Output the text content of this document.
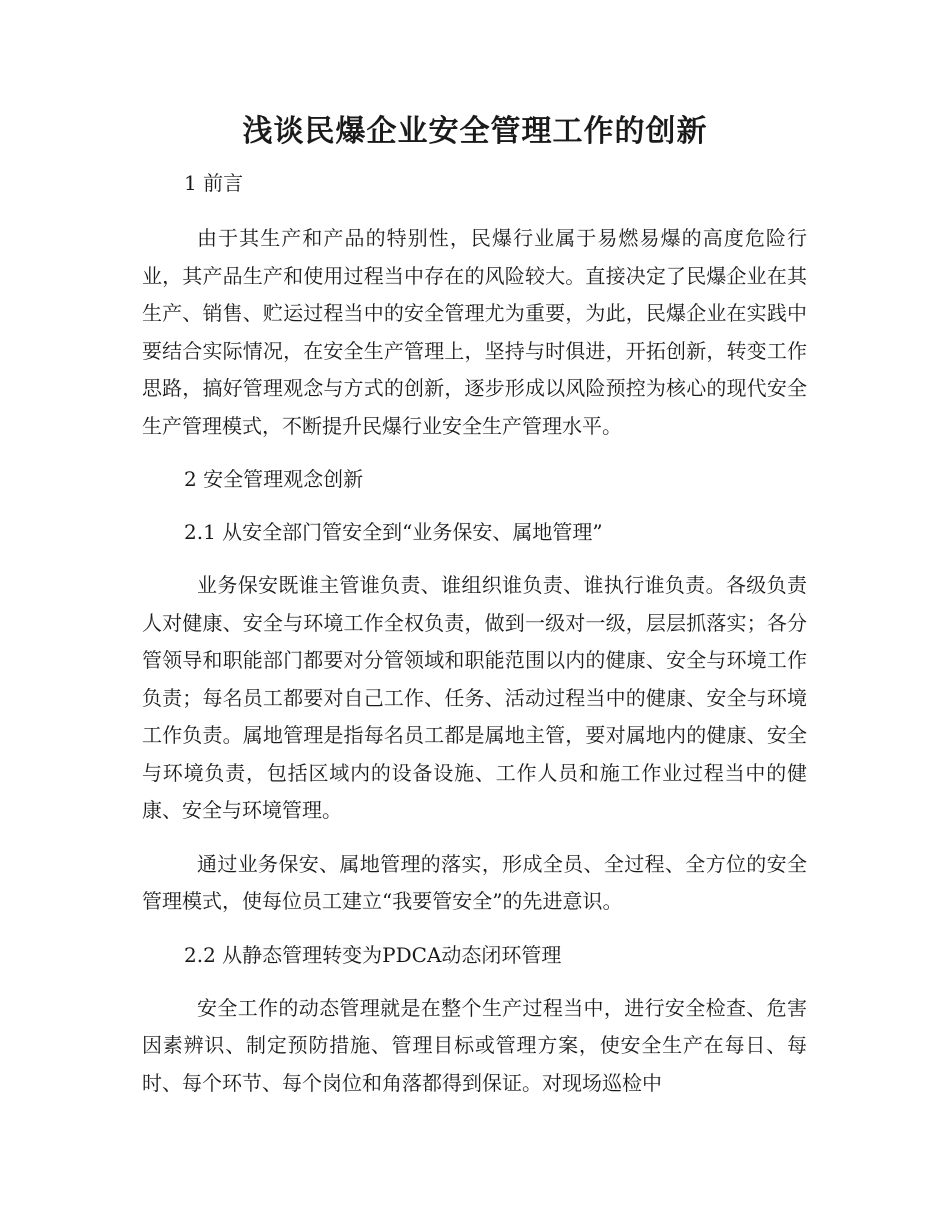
浅谈民爆企业安全管理工作的创新

1 前言

由于其生产和产品的特别性，民爆行业属于易燃易爆的高度危险行业，其产品生产和使用过程当中存在的风险较大。直接决定了民爆企业在其生产、销售、贮运过程当中的安全管理尤为重要，为此，民爆企业在实践中要结合实际情况，在安全生产管理上，坚持与时俱进，开拓创新，转变工作思路，搞好管理观念与方式的创新，逐步形成以风险预控为核心的现代安全生产管理模式，不断提升民爆行业安全生产管理水平。

2 安全管理观念创新

2.1 从安全部门管安全到“业务保安、属地管理”

业务保安既谁主管谁负责、谁组织谁负责、谁执行谁负责。各级负责人对健康、安全与环境工作全权负责，做到一级对一级，层层抓落实；各分管领导和职能部门都要对分管领域和职能范围以内的健康、安全与环境工作负责；每名员工都要对自己工作、任务、活动过程当中的健康、安全与环境工作负责。属地管理是指每名员工都是属地主管，要对属地内的健康、安全与环境负责，包括区域内的设备设施、工作人员和施工作业过程当中的健康、安全与环境管理。

通过业务保安、属地管理的落实，形成全员、全过程、全方位的安全管理模式，使每位员工建立“我要管安全”的先进意识。

2.2 从静态管理转变为PDCA动态闭环管理

安全工作的动态管理就是在整个生产过程当中，进行安全检查、危害因素辨识、制定预防措施、管理目标或管理方案，使安全生产在每日、每时、每个环节、每个岗位和角落都得到保证。对现场巡检中
